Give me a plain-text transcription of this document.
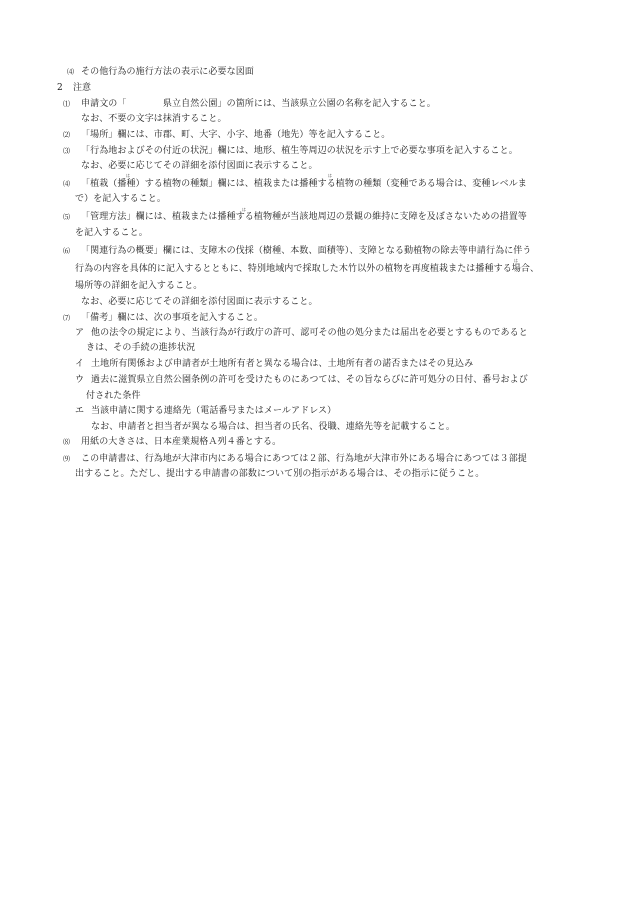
⑷ その他行為の施行方法の表示に必要な図面
2 注意
⑴ 申請文の「　　　　県立自然公園」の箇所には、当該県立公園の名称を記入すること。
なお、不要の文字は抹消すること。
⑵ 「場所」欄には、市郡、町、大字、小字、地番（地先）等を記入すること。
⑶ 「行為地およびその付近の状況」欄には、地形、植生等周辺の状況を示す上で必要な事項を記入すること。
なお、必要に応じてその詳細を添付図面に表示すること。
は	は
⑷ 「植栽（播種）する植物の種類」欄には、植栽または播種する植物の種類（変種である場合は、変種レベルま
で）を記入すること。
は
⑸ 「管理方法」欄には、植栽または播種する植物種が当該地周辺の景観の維持に支障を及ぼさないための措置等
を記入すること。
は
⑹ 「関連行為の概要」欄には、支障木の伐採（樹種、本数、面積等）、支障となる動植物の除去等申請行為に伴う
行為の内容を具体的に記入するとともに、特別地域内で採取した木竹以外の植物を再度植栽または播種する場合、
場所等の詳細を記入すること。
なお、必要に応じてその詳細を添付図面に表示すること。
⑺ 「備考」欄には、次の事項を記入すること。
ア 他の法令の規定により、当該行為が行政庁の許可、認可その他の処分または届出を必要とするものであると
きは、その手続の進捗状況
イ 土地所有関係および申請者が土地所有者と異なる場合は、土地所有者の諾否またはその見込み
ウ 過去に滋賀県立自然公園条例の許可を受けたものにあつては、その旨ならびに許可処分の日付、番号および
付された条件
エ 当該申請に関する連絡先（電話番号またはメールアドレス）
なお、申請者と担当者が異なる場合は、担当者の氏名、役職、連絡先等を記載すること。
⑻ 用紙の大きさは、日本産業規格Ａ列４番とする。
⑼ この申請書は、行為地が大津市内にある場合にあつては２部、行為地が大津市外にある場合にあつては３部提
出すること。ただし、提出する申請書の部数について別の指示がある場合は、その指示に従うこと。
